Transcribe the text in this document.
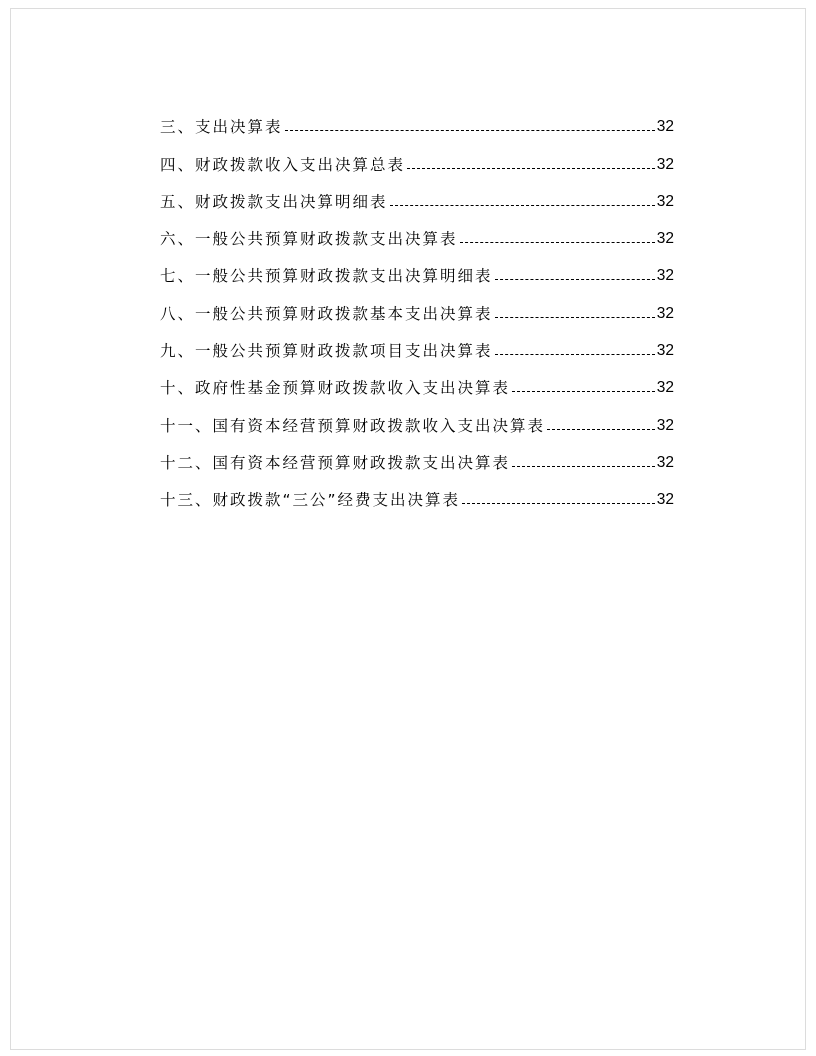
三、支出决算表	32
四、财政拨款收入支出决算总表	32
五、财政拨款支出决算明细表	32
六、一般公共预算财政拨款支出决算表	32
七、一般公共预算财政拨款支出决算明细表	32
八、一般公共预算财政拨款基本支出决算表	32
九、一般公共预算财政拨款项目支出决算表	32
十、政府性基金预算财政拨款收入支出决算表	32
十一、国有资本经营预算财政拨款收入支出决算表	32
十二、国有资本经营预算财政拨款支出决算表	32
十三、财政拨款“三公”经费支出决算表	32
